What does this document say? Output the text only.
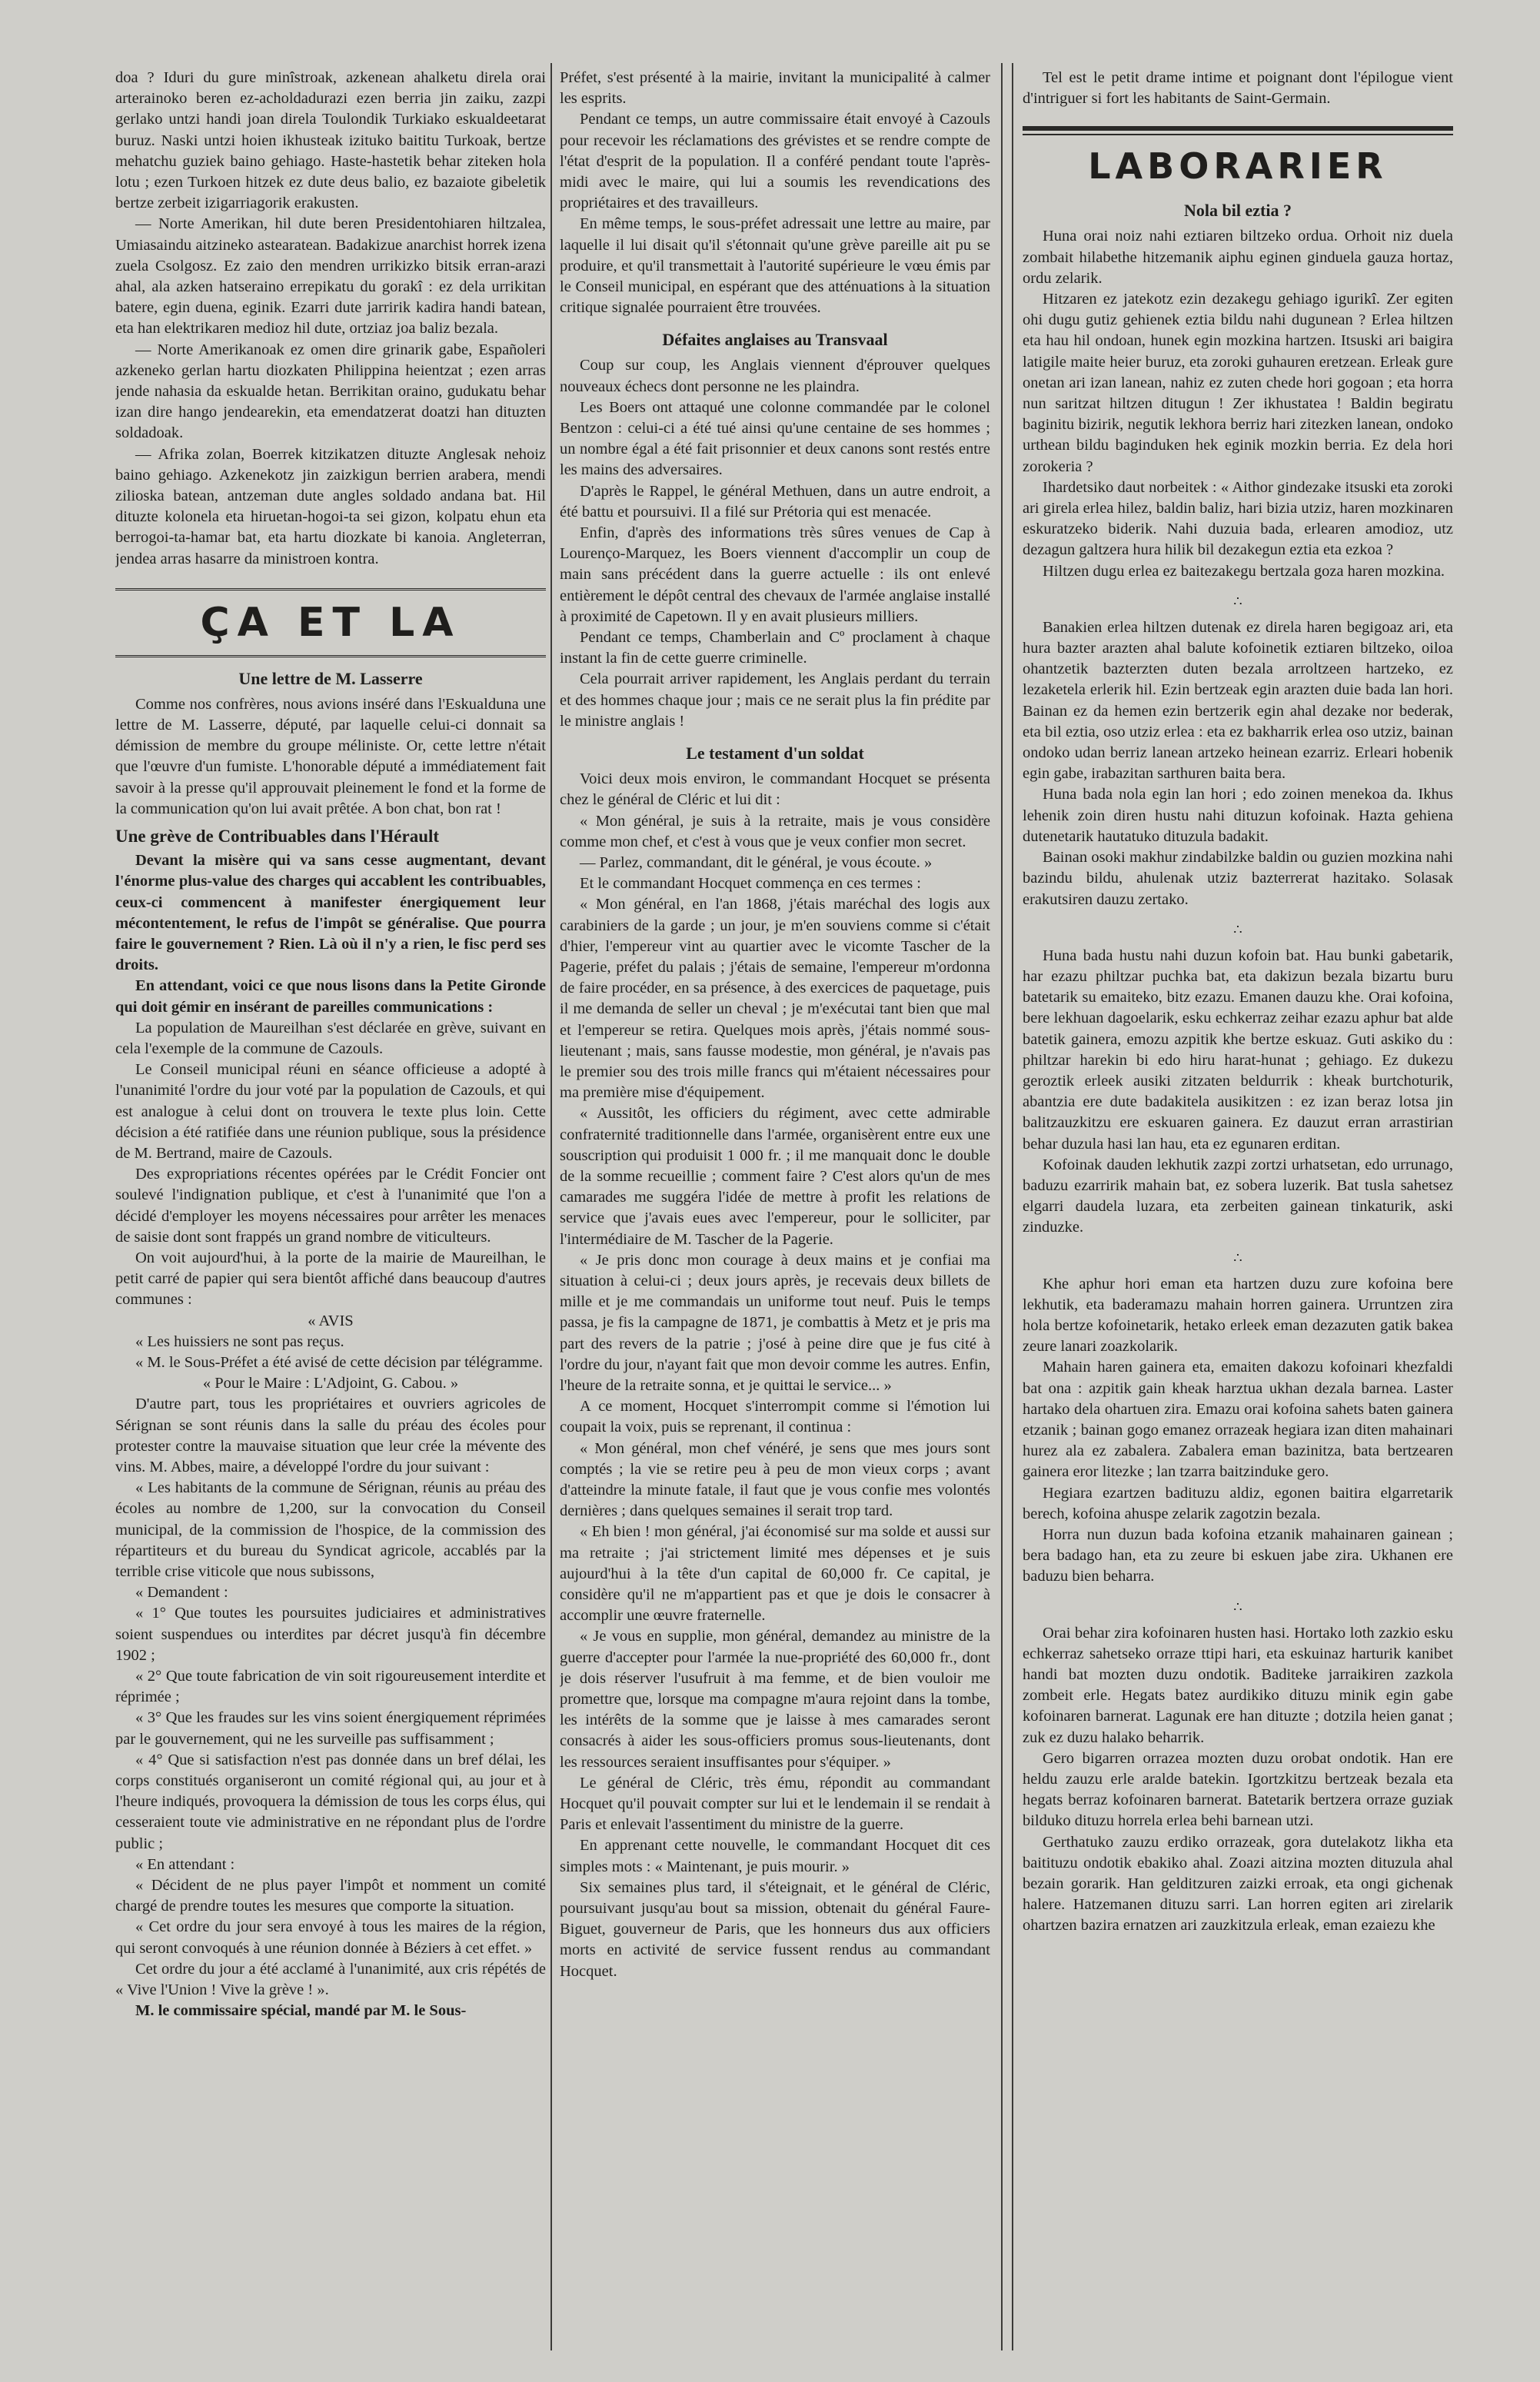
doa ? Iduri du gure minîstroak, azkenean ahalketu direla orai arterainoko beren ez-acholdadurazi ezen berria jin zaiku, zazpi gerlako untzi handi joan direla Toulondik Turkiako eskualdeetarat buruz. Naski untzi hoien ikhusteak izituko baititu Turkoak, bertze mehatchu guziek baino gehiago. Haste-hastetik behar ziteken hola lotu ; ezen Turkoen hitzek ez dute deus balio, ez bazaiote gibeletik bertze zerbeit izigarriagorik erakusten.

— Norte Amerikan, hil dute beren Presidentohiaren hiltzalea, Umiasaindu aitzineko astearatean. Badakizue anarchist horrek izena zuela Csolgosz. Ez zaio den mendren urrikizko bitsik erran-arazi ahal, ala azken hatseraino errepikatu du gorakî : ez dela urrikitan batere, egin duena, eginik. Ezarri dute jarririk kadira handi batean, eta han elektrikaren medioz hil dute, ortziaz joa baliz bezala.

— Norte Amerikanoak ez omen dire grinarik gabe, Españoleri azkeneko gerlan hartu diozkaten Philippina heientzat ; ezen arras jende nahasia da eskualde hetan. Berrikitan oraino, gudukatu behar izan dire hango jendearekin, eta emendatzerat doatzi han dituzten soldadoak.

— Afrika zolan, Boerrek kitzikatzen dituzte Anglesak nehoiz baino gehiago. Azkenekotz jin zaizkigun berrien arabera, mendi zilioska batean, antzeman dute angles soldado andana bat. Hil dituzte kolonela eta hiruetan-hogoi-ta sei gizon, kolpatu ehun eta berrogoi-ta-hamar bat, eta hartu diozkate bi kanoia. Angleterran, jendea arras hasarre da ministroen kontra.

ÇA ET LA
Une lettre de M. Lasserre

Comme nos confrères, nous avions inséré dans l'Eskualduna une lettre de M. Lasserre, député, par laquelle celui-ci donnait sa démission de membre du groupe méliniste. Or, cette lettre n'était que l'œuvre d'un fumiste. L'honorable député a immédiatement fait savoir à la presse qu'il approuvait pleinement le fond et la forme de la communication qu'on lui avait prêtée. A bon chat, bon rat !

Une grève de Contribuables dans l'Hérault

Devant la misère qui va sans cesse augmentant, devant l'énorme plus-value des charges qui accablent les contribuables, ceux-ci commencent à manifester énergiquement leur mécontentement, le refus de l'impôt se généralise. Que pourra faire le gouvernement ? Rien. Là où il n'y a rien, le fisc perd ses droits.

En attendant, voici ce que nous lisons dans la Petite Gironde qui doit gémir en insérant de pareilles communications :

La population de Maureilhan s'est déclarée en grève, suivant en cela l'exemple de la commune de Cazouls.

Le Conseil municipal réuni en séance officieuse a adopté à l'unanimité l'ordre du jour voté par la population de Cazouls, et qui est analogue à celui dont on trouvera le texte plus loin. Cette décision a été ratifiée dans une réunion publique, sous la présidence de M. Bertrand, maire de Cazouls.

Des expropriations récentes opérées par le Crédit Foncier ont soulevé l'indignation publique, et c'est à l'unanimité que l'on a décidé d'employer les moyens nécessaires pour arrêter les menaces de saisie dont sont frappés un grand nombre de viticulteurs.

On voit aujourd'hui, à la porte de la mairie de Maureilhan, le petit carré de papier qui sera bientôt affiché dans beaucoup d'autres communes :

« AVIS

« Les huissiers ne sont pas reçus.

« M. le Sous-Préfet a été avisé de cette décision par télégramme.

« Pour le Maire : L'Adjoint, G. Cabou. »

D'autre part, tous les propriétaires et ouvriers agricoles de Sérignan se sont réunis dans la salle du préau des écoles pour protester contre la mauvaise situation que leur crée la mévente des vins. M. Abbes, maire, a développé l'ordre du jour suivant :

« Les habitants de la commune de Sérignan, réunis au préau des écoles au nombre de 1,200, sur la convocation du Conseil municipal, de la commission de l'hospice, de la commission des répartiteurs et du bureau du Syndicat agricole, accablés par la terrible crise viticole que nous subissons,

« Demandent :

« 1° Que toutes les poursuites judiciaires et administratives soient suspendues ou interdites par décret jusqu'à fin décembre 1902 ;

« 2° Que toute fabrication de vin soit rigoureusement interdite et réprimée ;

« 3° Que les fraudes sur les vins soient énergiquement réprimées par le gouvernement, qui ne les surveille pas suffisamment ;

« 4° Que si satisfaction n'est pas donnée dans un bref délai, les corps constitués organiseront un comité régional qui, au jour et à l'heure indiqués, provoquera la démission de tous les corps élus, qui cesseraient toute vie administrative en ne répondant plus de l'ordre public ;

« En attendant :

« Décident de ne plus payer l'impôt et nomment un comité chargé de prendre toutes les mesures que comporte la situation.

« Cet ordre du jour sera envoyé à tous les maires de la région, qui seront convoqués à une réunion donnée à Béziers à cet effet. »

Cet ordre du jour a été acclamé à l'unanimité, aux cris répétés de « Vive l'Union ! Vive la grève ! ».

M. le commissaire spécial, mandé par M. le Sous-

Préfet, s'est présenté à la mairie, invitant la municipalité à calmer les esprits.

Pendant ce temps, un autre commissaire était envoyé à Cazouls pour recevoir les réclamations des grévistes et se rendre compte de l'état d'esprit de la population. Il a conféré pendant toute l'après-midi avec le maire, qui lui a soumis les revendications des propriétaires et des travailleurs.

En même temps, le sous-préfet adressait une lettre au maire, par laquelle il lui disait qu'il s'étonnait qu'une grève pareille ait pu se produire, et qu'il transmettait à l'autorité supérieure le vœu émis par le Conseil municipal, en espérant que des atténuations à la situation critique signalée pourraient être trouvées.

Défaites anglaises au Transvaal

Coup sur coup, les Anglais viennent d'éprouver quelques nouveaux échecs dont personne ne les plaindra.

Les Boers ont attaqué une colonne commandée par le colonel Bentzon : celui-ci a été tué ainsi qu'une centaine de ses hommes ; un nombre égal a été fait prisonnier et deux canons sont restés entre les mains des adversaires.

D'après le Rappel, le général Methuen, dans un autre endroit, a été battu et poursuivi. Il a filé sur Prétoria qui est menacée.

Enfin, d'après des informations très sûres venues de Cap à Lourenço-Marquez, les Boers viennent d'accomplir un coup de main sans précédent dans la guerre actuelle : ils ont enlevé entièrement le dépôt central des chevaux de l'armée anglaise installé à proximité de Capetown. Il y en avait plusieurs milliers.

Pendant ce temps, Chamberlain and Cº proclament à chaque instant la fin de cette guerre criminelle.

Cela pourrait arriver rapidement, les Anglais perdant du terrain et des hommes chaque jour ; mais ce ne serait plus la fin prédite par le ministre anglais !

Le testament d'un soldat

Voici deux mois environ, le commandant Hocquet se présenta chez le général de Cléric et lui dit :

« Mon général, je suis à la retraite, mais je vous considère comme mon chef, et c'est à vous que je veux confier mon secret.

— Parlez, commandant, dit le général, je vous écoute. »

Et le commandant Hocquet commença en ces termes :

« Mon général, en l'an 1868, j'étais maréchal des logis aux carabiniers de la garde ; un jour, je m'en souviens comme si c'était d'hier, l'empereur vint au quartier avec le vicomte Tascher de la Pagerie, préfet du palais ; j'étais de semaine, l'empereur m'ordonna de faire procéder, en sa présence, à des exercices de paquetage, puis il me demanda de seller un cheval ; je m'exécutai tant bien que mal et l'empereur se retira. Quelques mois après, j'étais nommé sous-lieutenant ; mais, sans fausse modestie, mon général, je n'avais pas le premier sou des trois mille francs qui m'étaient nécessaires pour ma première mise d'équipement.

« Aussitôt, les officiers du régiment, avec cette admirable confraternité traditionnelle dans l'armée, organisèrent entre eux une souscription qui produisit 1 000 fr. ; il me manquait donc le double de la somme recueillie ; comment faire ? C'est alors qu'un de mes camarades me suggéra l'idée de mettre à profit les relations de service que j'avais eues avec l'empereur, pour le solliciter, par l'intermédiaire de M. Tascher de la Pagerie.

« Je pris donc mon courage à deux mains et je confiai ma situation à celui-ci ; deux jours après, je recevais deux billets de mille et je me commandais un uniforme tout neuf. Puis le temps passa, je fis la campagne de 1871, je combattis à Metz et je pris ma part des revers de la patrie ; j'osé à peine dire que je fus cité à l'ordre du jour, n'ayant fait que mon devoir comme les autres. Enfin, l'heure de la retraite sonna, et je quittai le service... »

A ce moment, Hocquet s'interrompit comme si l'émotion lui coupait la voix, puis se reprenant, il continua :

« Mon général, mon chef vénéré, je sens que mes jours sont comptés ; la vie se retire peu à peu de mon vieux corps ; avant d'atteindre la minute fatale, il faut que je vous confie mes volontés dernières ; dans quelques semaines il serait trop tard.

« Eh bien ! mon général, j'ai économisé sur ma solde et aussi sur ma retraite ; j'ai strictement limité mes dépenses et je suis aujourd'hui à la tête d'un capital de 60,000 fr. Ce capital, je considère qu'il ne m'appartient pas et que je dois le consacrer à accomplir une œuvre fraternelle.

« Je vous en supplie, mon général, demandez au ministre de la guerre d'accepter pour l'armée la nue-propriété des 60,000 fr., dont je dois réserver l'usufruit à ma femme, et de bien vouloir me promettre que, lorsque ma compagne m'aura rejoint dans la tombe, les intérêts de la somme que je laisse à mes camarades seront consacrés à aider les sous-officiers promus sous-lieutenants, dont les ressources seraient insuffisantes pour s'équiper. »

Le général de Cléric, très ému, répondit au commandant Hocquet qu'il pouvait compter sur lui et le lendemain il se rendait à Paris et enlevait l'assentiment du ministre de la guerre.

En apprenant cette nouvelle, le commandant Hocquet dit ces simples mots : « Maintenant, je puis mourir. »

Six semaines plus tard, il s'éteignait, et le général de Cléric, poursuivant jusqu'au bout sa mission, obtenait du général Faure-Biguet, gouverneur de Paris, que les honneurs dus aux officiers morts en activité de service fussent rendus au commandant Hocquet.

Tel est le petit drame intime et poignant dont l'épilogue vient d'intriguer si fort les habitants de Saint-Germain.

LABORARIER
Nola bil eztia ?

Huna orai noiz nahi eztiaren biltzeko ordua. Orhoit niz duela zombait hilabethe hitzemanik aiphu eginen ginduela gauza hortaz, ordu zelarik.

Hitzaren ez jatekotz ezin dezakegu gehiago igurikî. Zer egiten ohi dugu gutiz gehienek eztia bildu nahi dugunean ? Erlea hiltzen eta hau hil ondoan, hunek egin mozkina hartzen. Itsuski ari baigira latigile maite heier buruz, eta zoroki guhauren eretzean. Erleak gure onetan ari izan lanean, nahiz ez zuten chede hori gogoan ; eta horra nun saritzat hiltzen ditugun ! Zer ikhustatea ! Baldin begiratu baginitu bizirik, negutik lekhora berriz hari zitezken lanean, ondoko urthean bildu baginduken hek eginik mozkin berria. Ez dela hori zorokeria ?

Ihardetsiko daut norbeitek : « Aithor gindezake itsuski eta zoroki ari girela erlea hilez, baldin baliz, hari bizia utziz, haren mozkinaren eskuratzeko biderik. Nahi duzuia bada, erlearen amodioz, utz dezagun galtzera hura hilik bil dezakegun eztia eta ezkoa ?

Hiltzen dugu erlea ez baitezakegu bertzala goza haren mozkina.

∴

Banakien erlea hiltzen dutenak ez direla haren begigoaz ari, eta hura bazter arazten ahal balute kofoinetik eztiaren biltzeko, oiloa ohantzetik bazterzten duten bezala arroltzeen hartzeko, ez lezaketela erlerik hil. Ezin bertzeak egin arazten duie bada lan hori. Bainan ez da hemen ezin bertzerik egin ahal dezake nor bederak, eta bil eztia, oso utziz erlea : eta ez bakharrik erlea oso utziz, bainan ondoko udan berriz lanean artzeko heinean ezarriz. Erleari hobenik egin gabe, irabazitan sarthuren baita bera.

Huna bada nola egin lan hori ; edo zoinen menekoa da. Ikhus lehenik zoin diren hustu nahi dituzun kofoinak. Hazta gehiena dutenetarik hautatuko dituzula badakit.

Bainan osoki makhur zindabilzke baldin ou guzien mozkina nahi bazindu bildu, ahulenak utziz bazterrerat hazitako. Solasak erakutsiren dauzu zertako.

∴

Huna bada hustu nahi duzun kofoin bat. Hau bunki gabetarik, har ezazu philtzar puchka bat, eta dakizun bezala bizartu buru batetarik su emaiteko, bitz ezazu. Emanen dauzu khe. Orai kofoina, bere lekhuan dagoelarik, esku echkerraz zeihar ezazu aphur bat alde batetik gainera, emozu azpitik khe bertze eskuaz. Guti askiko du : philtzar harekin bi edo hiru harat-hunat ; gehiago. Ez dukezu geroztik erleek ausiki zitzaten beldurrik : kheak burtchoturik, abantzia ere dute badakitela ausikitzen : ez izan beraz lotsa jin balitzauzkitzu ere eskuaren gainera. Ez dauzut erran arrastirian behar duzula hasi lan hau, eta ez egunaren erditan.

Kofoinak dauden lekhutik zazpi zortzi urhatsetan, edo urrunago, baduzu ezarririk mahain bat, ez sobera luzerik. Bat tusla sahetsez elgarri daudela luzara, eta zerbeiten gainean tinkaturik, aski zinduzke.

∴

Khe aphur hori eman eta hartzen duzu zure kofoina bere lekhutik, eta baderamazu mahain horren gainera. Urruntzen zira hola bertze kofoinetarik, hetako erleek eman dezazuten gatik bakea zeure lanari zoazkolarik.

Mahain haren gainera eta, emaiten dakozu kofoinari khezfaldi bat ona : azpitik gain kheak harztua ukhan dezala barnea. Laster hartako dela ohartuen zira. Emazu orai kofoina sahets baten gainera etzanik ; bainan gogo emanez orrazeak hegiara izan diten mahainari hurez ala ez zabalera. Zabalera eman bazinitza, bata bertzearen gainera eror litezke ; lan tzarra baitzinduke gero.

Hegiara ezartzen badituzu aldiz, egonen baitira elgarretarik berech, kofoina ahuspe zelarik zagotzin bezala.

Horra nun duzun bada kofoina etzanik mahainaren gainean ; bera badago han, eta zu zeure bi eskuen jabe zira. Ukhanen ere baduzu bien beharra.

∴

Orai behar zira kofoinaren husten hasi. Hortako loth zazkio esku echkerraz sahetseko orraze ttipi hari, eta eskuinaz harturik kanibet handi bat mozten duzu ondotik. Baditeke jarraikiren zazkola zombeit erle. Hegats batez aurdikiko dituzu minik egin gabe kofoinaren barnerat. Lagunak ere han dituzte ; dotzila heien ganat ; zuk ez duzu halako beharrik.

Gero bigarren orrazea mozten duzu orobat ondotik. Han ere heldu zauzu erle aralde batekin. Igortzkitzu bertzeak bezala eta hegats berraz kofoinaren barnerat. Batetarik bertzera orraze guziak bilduko dituzu horrela erlea behi barnean utzi.

Gerthatuko zauzu erdiko orrazeak, gora dutelakotz likha eta baitituzu ondotik ebakiko ahal. Zoazi aitzina mozten dituzula ahal bezain gorarik. Han gelditzuren zaizki erroak, eta ongi gichenak halere. Hatzemanen dituzu sarri. Lan horren egiten ari zirelarik ohartzen bazira ernatzen ari zauzkitzula erleak, eman ezaiezu khe
